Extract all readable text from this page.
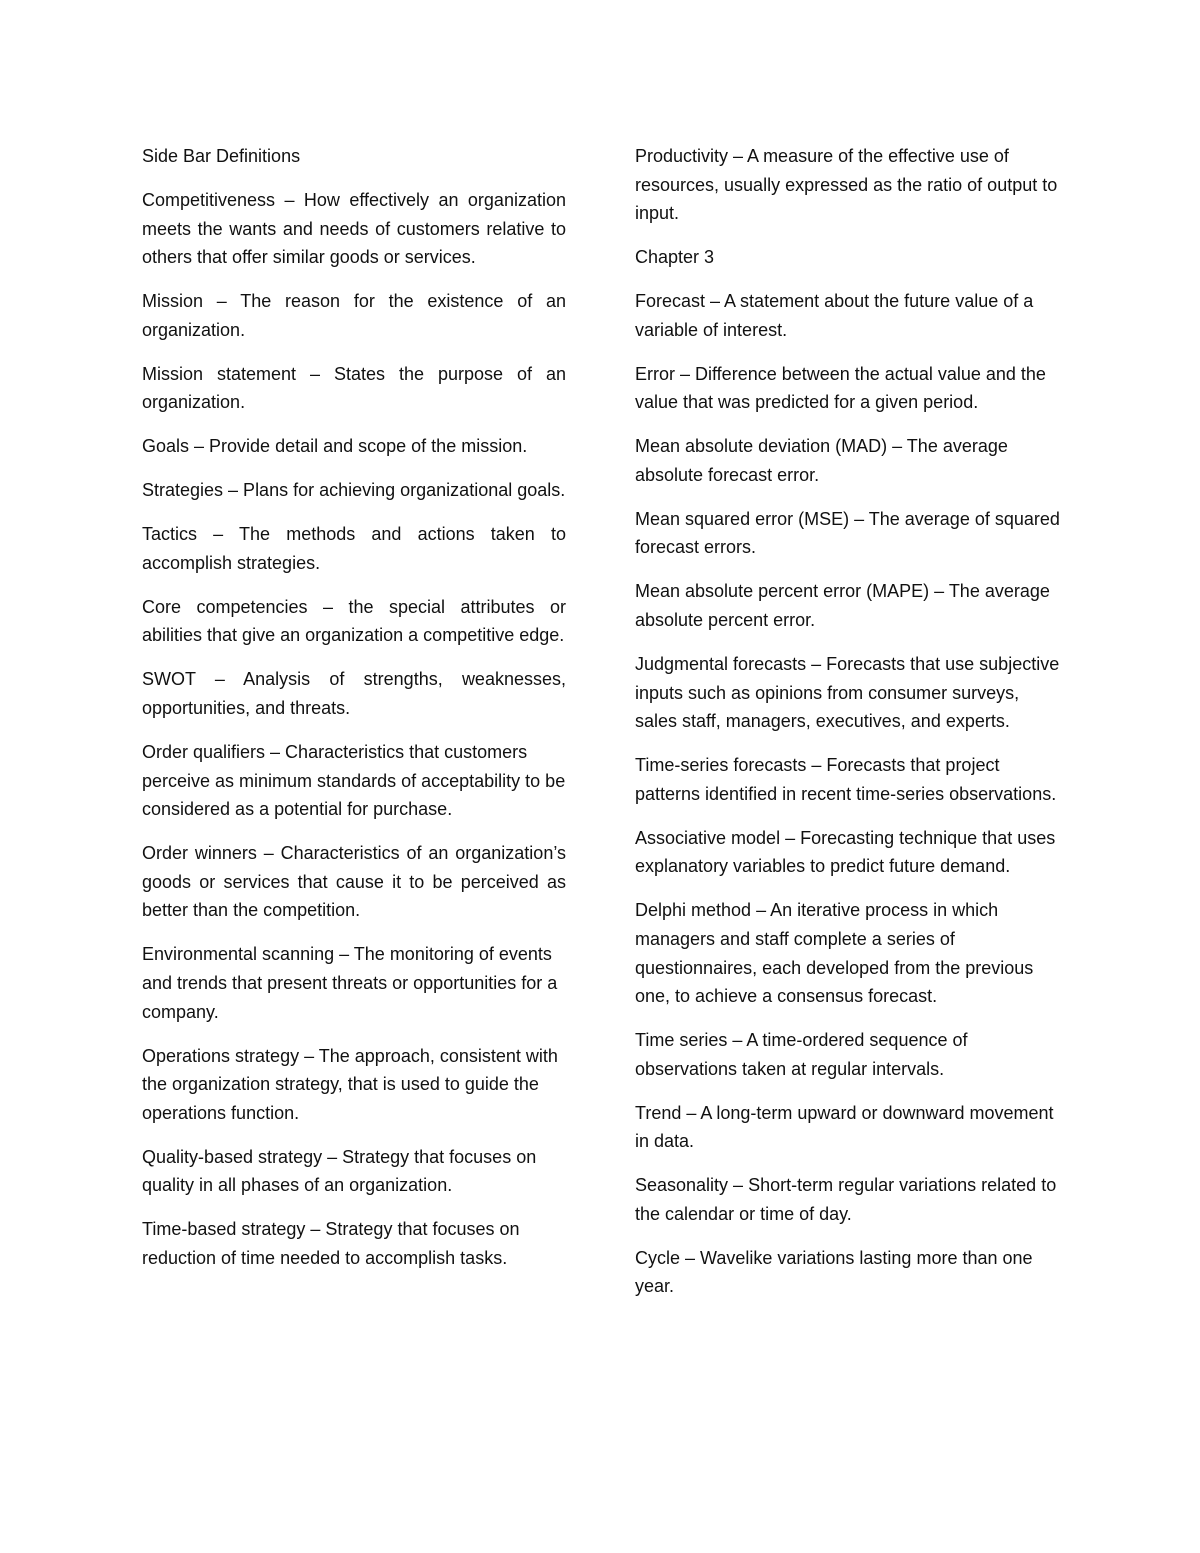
Side Bar Definitions

Competitiveness – How effectively an organization meets the wants and needs of customers relative to others that offer similar goods or services.

Mission – The reason for the existence of an organization.

Mission statement – States the purpose of an organization.

Goals – Provide detail and scope of the mission.

Strategies – Plans for achieving organizational goals.

Tactics – The methods and actions taken to accomplish strategies.

Core competencies – the special attributes or abilities that give an organization a competitive edge.

SWOT – Analysis of strengths, weaknesses, opportunities, and threats.

Order qualifiers – Characteristics that customers perceive as minimum standards of acceptability to be considered as a potential for purchase.

Order winners – Characteristics of an organization’s goods or services that cause it to be perceived as better than the competition.

Environmental scanning – The monitoring of events and trends that present threats or opportunities for a company.

Operations strategy – The approach, consistent with the organization strategy, that is used to guide the operations function.

Quality-based strategy – Strategy that focuses on quality in all phases of an organization.

Time-based strategy – Strategy that focuses on reduction of time needed to accomplish tasks.

Productivity – A measure of the effective use of resources, usually expressed as the ratio of output to input.

Chapter 3

Forecast – A statement about the future value of a variable of interest.

Error – Difference between the actual value and the value that was predicted for a given period.

Mean absolute deviation (MAD) – The average absolute forecast error.

Mean squared error (MSE) – The average of squared forecast errors.

Mean absolute percent error (MAPE) – The average absolute percent error.

Judgmental forecasts – Forecasts that use subjective inputs such as opinions from consumer surveys, sales staff, managers, executives, and experts.

Time-series forecasts – Forecasts that project patterns identified in recent time-series observations.

Associative model – Forecasting technique that uses explanatory variables to predict future demand.

Delphi method – An iterative process in which managers and staff complete a series of questionnaires, each developed from the previous one, to achieve a consensus forecast.

Time series – A time-ordered sequence of observations taken at regular intervals.

Trend – A long-term upward or downward movement in data.

Seasonality – Short-term regular variations related to the calendar or time of day.

Cycle – Wavelike variations lasting more than one year.
